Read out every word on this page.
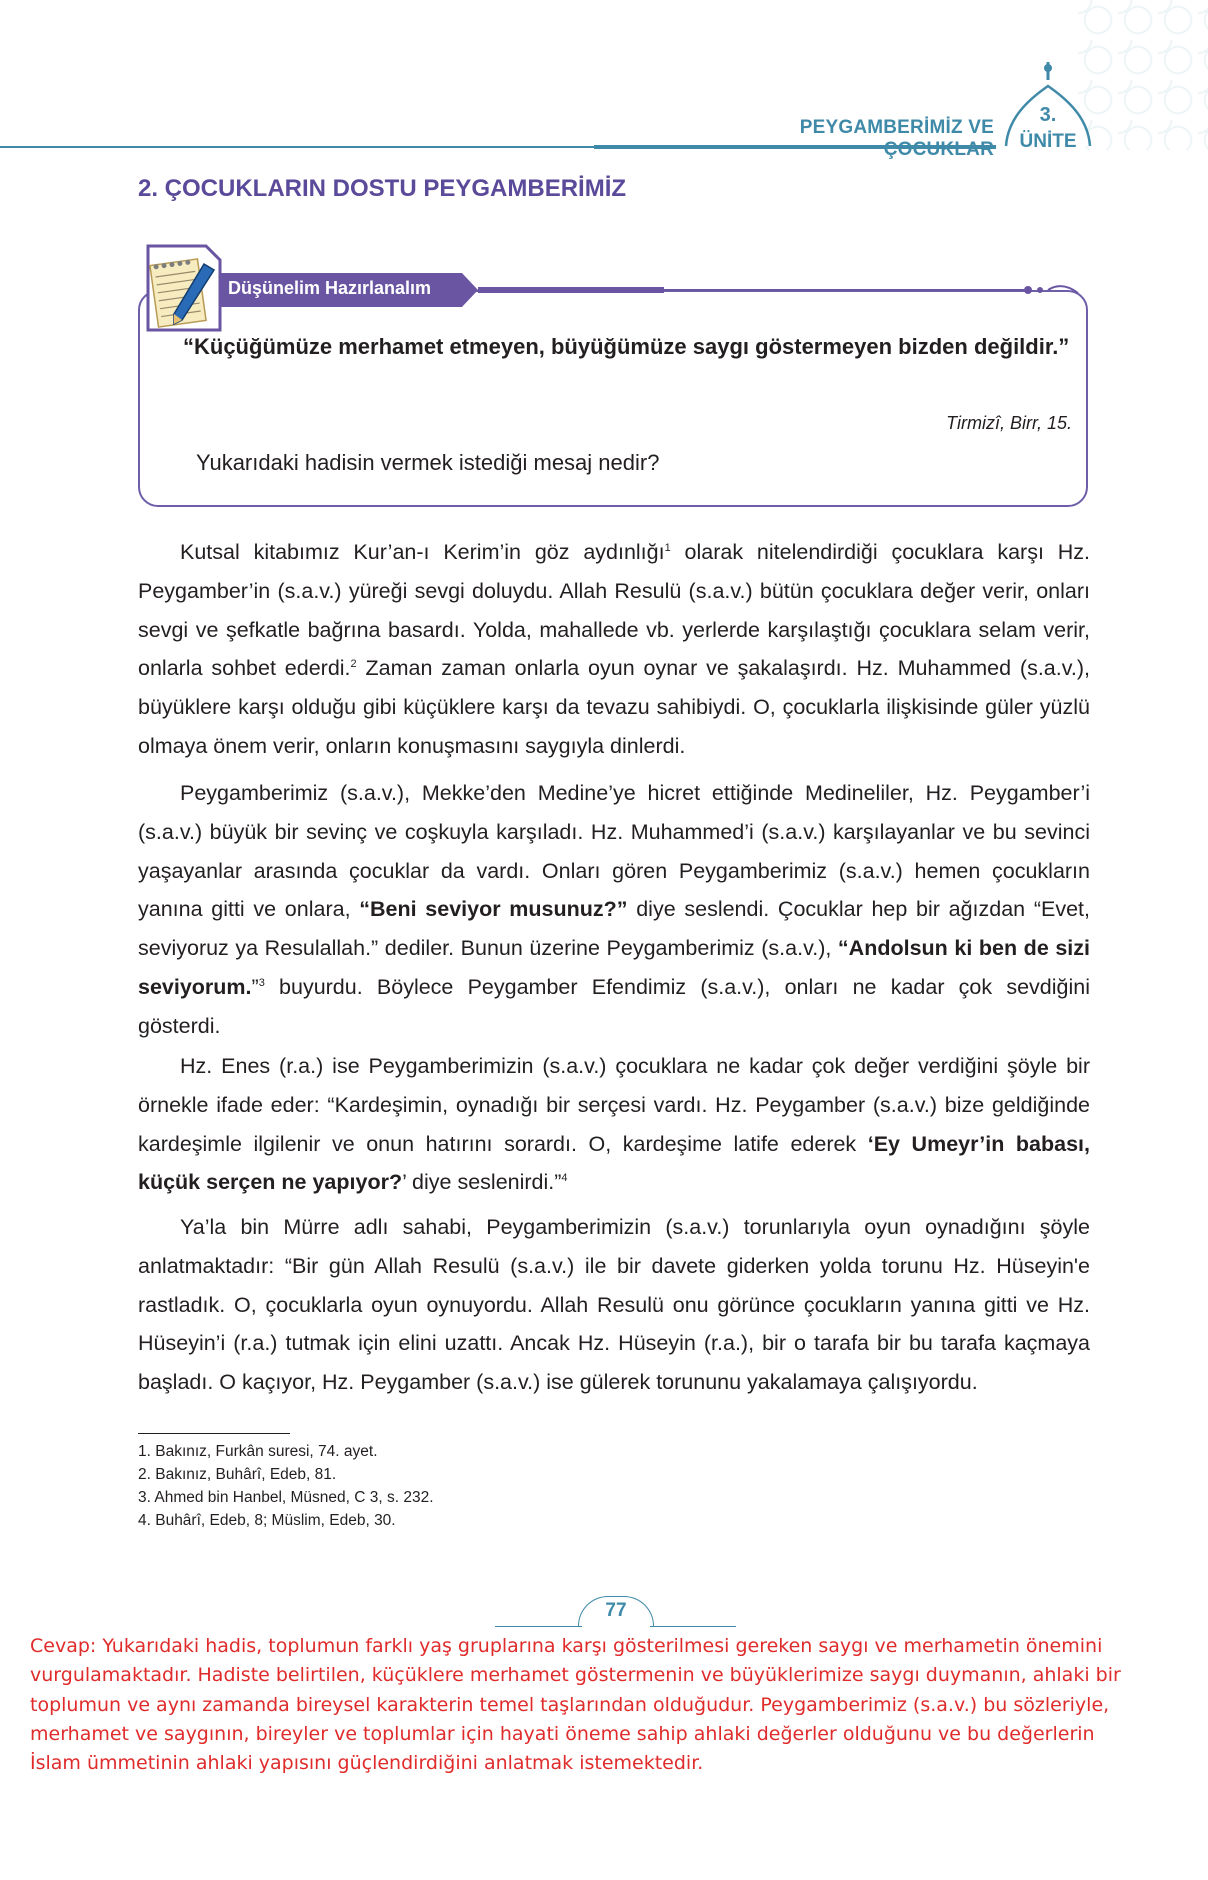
PEYGAMBERİMİZ VE ÇOCUKLAR
3.
ÜNİTE
2. ÇOCUKLARIN DOSTU PEYGAMBERİMİZ
Düşünelim Hazırlanalım
“Küçüğümüze merhamet etmeyen, büyüğümüze saygı göstermeyen bizden değildir.”
Tirmizî, Birr, 15.
Yukarıdaki hadisin vermek istediği mesaj nedir?

Kutsal kitabımız Kur’an-ı Kerim’in göz aydınlığı$^1$ olarak nitelendirdiği çocuklara karşı Hz. Peygamber’in (s.a.v.) yüreği sevgi doluydu. Allah Resulü (s.a.v.) bütün çocuklara değer verir, onları sevgi ve şefkatle bağrına basardı. Yolda, mahallede vb. yerlerde karşılaştığı çocuklara selam verir, onlarla sohbet ederdi.$^2$ Zaman zaman onlarla oyun oynar ve şakalaşırdı. Hz. Muhammed (s.a.v.), büyüklere karşı olduğu gibi küçüklere karşı da tevazu sahibiydi. O, çocuklarla ilişkisinde güler yüzlü olmaya önem verir, onların konuşmasını saygıyla dinlerdi.

Peygamberimiz (s.a.v.), Mekke’den Medine’ye hicret ettiğinde Medineliler, Hz. Peygamber’i (s.a.v.) büyük bir sevinç ve coşkuyla karşıladı. Hz. Muhammed’i (s.a.v.) karşılayanlar ve bu sevinci yaşayanlar arasında çocuklar da vardı. Onları gören Peygamberimiz (s.a.v.) hemen çocukların yanına gitti ve onlara, “Beni seviyor musunuz?” diye seslendi. Çocuklar hep bir ağızdan “Evet, seviyoruz ya Resulallah.” dediler. Bunun üzerine Peygamberimiz (s.a.v.), “Andolsun ki ben de sizi seviyorum.”$^3$ buyurdu. Böylece Peygamber Efendimiz (s.a.v.), onları ne kadar çok sevdiğini gösterdi.

Hz. Enes (r.a.) ise Peygamberimizin (s.a.v.) çocuklara ne kadar çok değer verdiğini şöyle bir örnekle ifade eder: “Kardeşimin, oynadığı bir serçesi vardı. Hz. Peygamber (s.a.v.) bize geldiğinde kardeşimle ilgilenir ve onun hatırını sorardı. O, kardeşime latife ederek ‘Ey Umeyr’in babası, küçük serçen ne yapıyor?’ diye seslenirdi.”$^4$

Ya’la bin Mürre adlı sahabi, Peygamberimizin (s.a.v.) torunlarıyla oyun oynadığını şöyle anlatmaktadır: “Bir gün Allah Resulü (s.a.v.) ile bir davete giderken yolda torunu Hz. Hüseyin'e rastladık. O, çocuklarla oyun oynuyordu. Allah Resulü onu görünce çocukların yanına gitti ve Hz. Hüseyin’i (r.a.) tutmak için elini uzattı. Ancak Hz. Hüseyin (r.a.), bir o tarafa bir bu tarafa kaçmaya başladı. O kaçıyor, Hz. Peygamber (s.a.v.) ise gülerek torununu yakalamaya çalışıyordu.

1. Bakınız, Furkân suresi, 74. ayet.
2. Bakınız, Buhârî, Edeb, 81.
3. Ahmed bin Hanbel, Müsned, C 3, s. 232.
4. Buhârî, Edeb, 8; Müslim, Edeb, 30.
77

Cevap: Yukarıdaki hadis, toplumun farklı yaş gruplarına karşı gösterilmesi gereken saygı ve merhametin önemini vurgulamaktadır. Hadiste belirtilen, küçüklere merhamet göstermenin ve büyüklerimize saygı duymanın, ahlaki bir toplumun ve aynı zamanda bireysel karakterin temel taşlarından olduğudur. Peygamberimiz (s.a.v.) bu sözleriyle, merhamet ve saygının, bireyler ve toplumlar için hayati öneme sahip ahlaki değerler olduğunu ve bu değerlerin İslam ümmetinin ahlaki yapısını güçlendirdiğini anlatmak istemektedir.
